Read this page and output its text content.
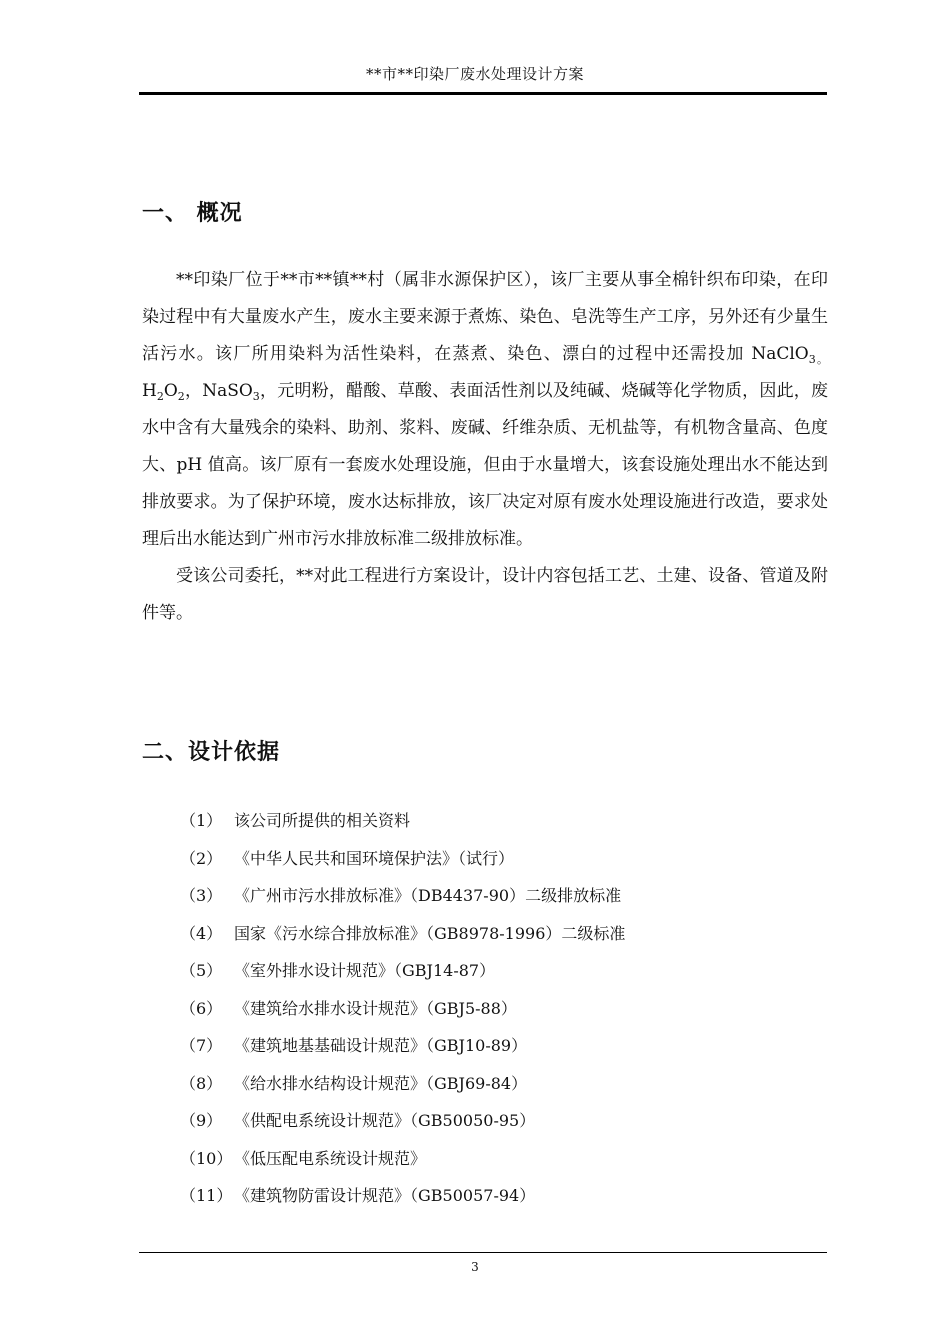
**市**印染厂废水处理设计方案
一、 概况

**印染厂位于**市**镇**村（属非水源保护区），该厂主要从事全棉针织布印染，在印染过程中有大量废水产生，废水主要来源于煮炼、染色、皂洗等生产工序，另外还有少量生活污水。该厂所用染料为活性染料，在蒸煮、染色、漂白的过程中还需投加 NaClO$_{3。}$ $H_2O_2$，NaSO$_3$，元明粉，醋酸、草酸、表面活性剂以及纯碱、烧碱等化学物质，因此，废水中含有大量残余的染料、助剂、浆料、废碱、纤维杂质、无机盐等，有机物含量高、色度大、pH 值高。该厂原有一套废水处理设施，但由于水量增大，该套设施处理出水不能达到排放要求。为了保护环境，废水达标排放，该厂决定对原有废水处理设施进行改造，要求处理后出水能达到广州市污水排放标准二级排放标准。

受该公司委托，**对此工程进行方案设计，设计内容包括工艺、土建、设备、管道及附件等。

二、设计依据
（1） 该公司所提供的相关资料
（2） 《中华人民共和国环境保护法》（试行）
（3） 《广州市污水排放标准》（DB4437-90）二级排放标准
（4） 国家《污水综合排放标准》（GB8978-1996）二级标准
（5） 《室外排水设计规范》（GBJ14-87）
（6） 《建筑给水排水设计规范》（GBJ5-88）
（7） 《建筑地基基础设计规范》（GBJ10-89）
（8） 《给水排水结构设计规范》（GBJ69-84）
（9） 《供配电系统设计规范》（GB50050-95）
（10） 《低压配电系统设计规范》
（11） 《建筑物防雷设计规范》（GB50057-94）
3
